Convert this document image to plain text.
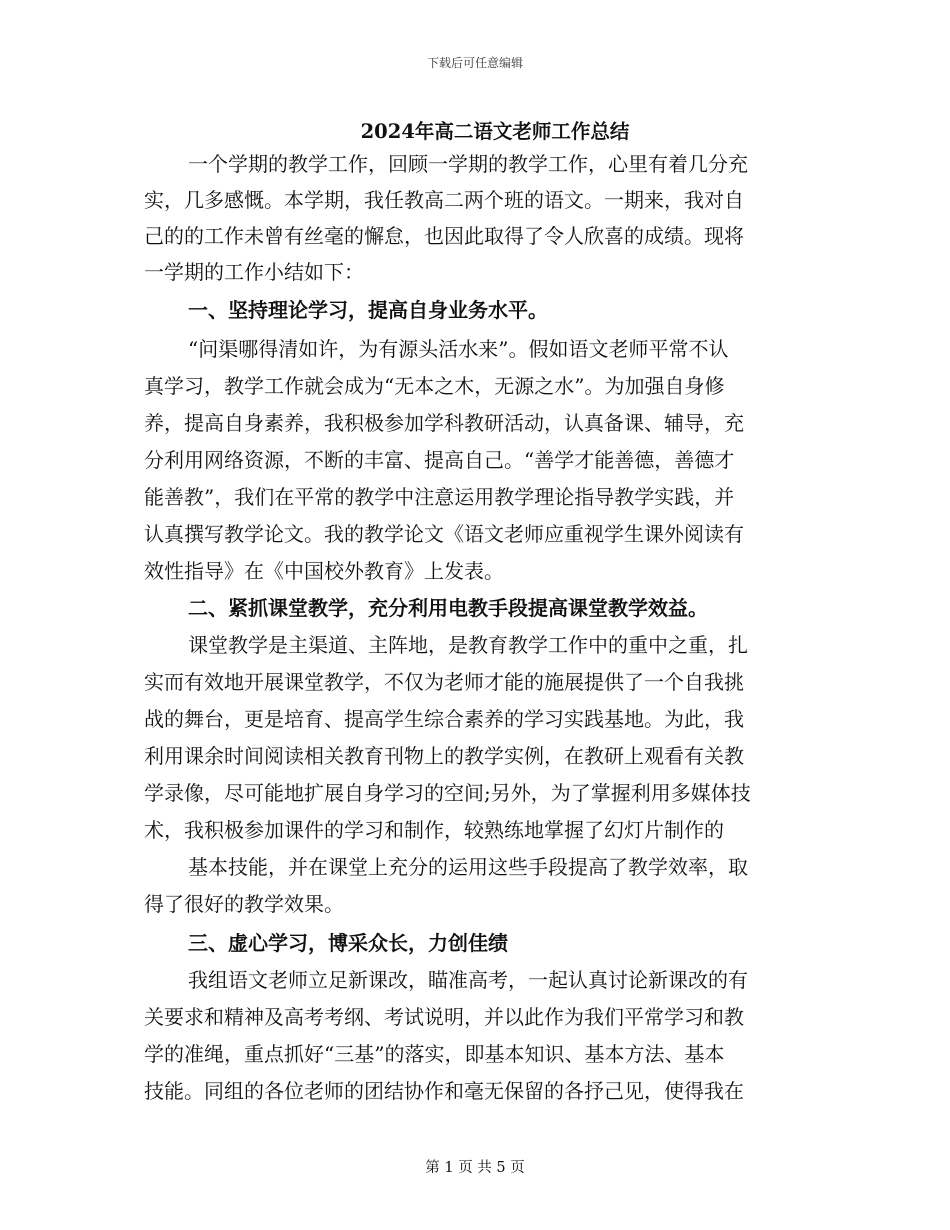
下载后可任意编辑
2024年高二语文老师工作总结
一个学期的教学工作，回顾一学期的教学工作，心里有着几分充
实，几多感慨。本学期，我任教高二两个班的语文。一期来，我对自
己的的工作未曾有丝毫的懈怠，也因此取得了令人欣喜的成绩。现将
一学期的工作小结如下：
一、坚持理论学习，提高自身业务水平。
“问渠哪得清如许，为有源头活水来”。假如语文老师平常不认
真学习，教学工作就会成为“无本之木，无源之水”。为加强自身修
养，提高自身素养，我积极参加学科教研活动，认真备课、辅导，充
分利用网络资源，不断的丰富、提高自己。“善学才能善德，善德才
能善教”，我们在平常的教学中注意运用教学理论指导教学实践，并
认真撰写教学论文。我的教学论文《语文老师应重视学生课外阅读有
效性指导》在《中国校外教育》上发表。
二、紧抓课堂教学，充分利用电教手段提高课堂教学效益。
课堂教学是主渠道、主阵地，是教育教学工作中的重中之重，扎
实而有效地开展课堂教学，不仅为老师才能的施展提供了一个自我挑
战的舞台，更是培育、提高学生综合素养的学习实践基地。为此，我
利用课余时间阅读相关教育刊物上的教学实例，在教研上观看有关教
学录像，尽可能地扩展自身学习的空间;另外，为了掌握利用多媒体技
术，我积极参加课件的学习和制作，较熟练地掌握了幻灯片制作的
基本技能，并在课堂上充分的运用这些手段提高了教学效率，取
得了很好的教学效果。
三、虚心学习，博采众长，力创佳绩
我组语文老师立足新课改，瞄准高考，一起认真讨论新课改的有
关要求和精神及高考考纲、考试说明，并以此作为我们平常学习和教
学的准绳，重点抓好“三基”的落实，即基本知识、基本方法、基本
技能。同组的各位老师的团结协作和毫无保留的各抒己见，使得我在
第 1 页 共 5 页
